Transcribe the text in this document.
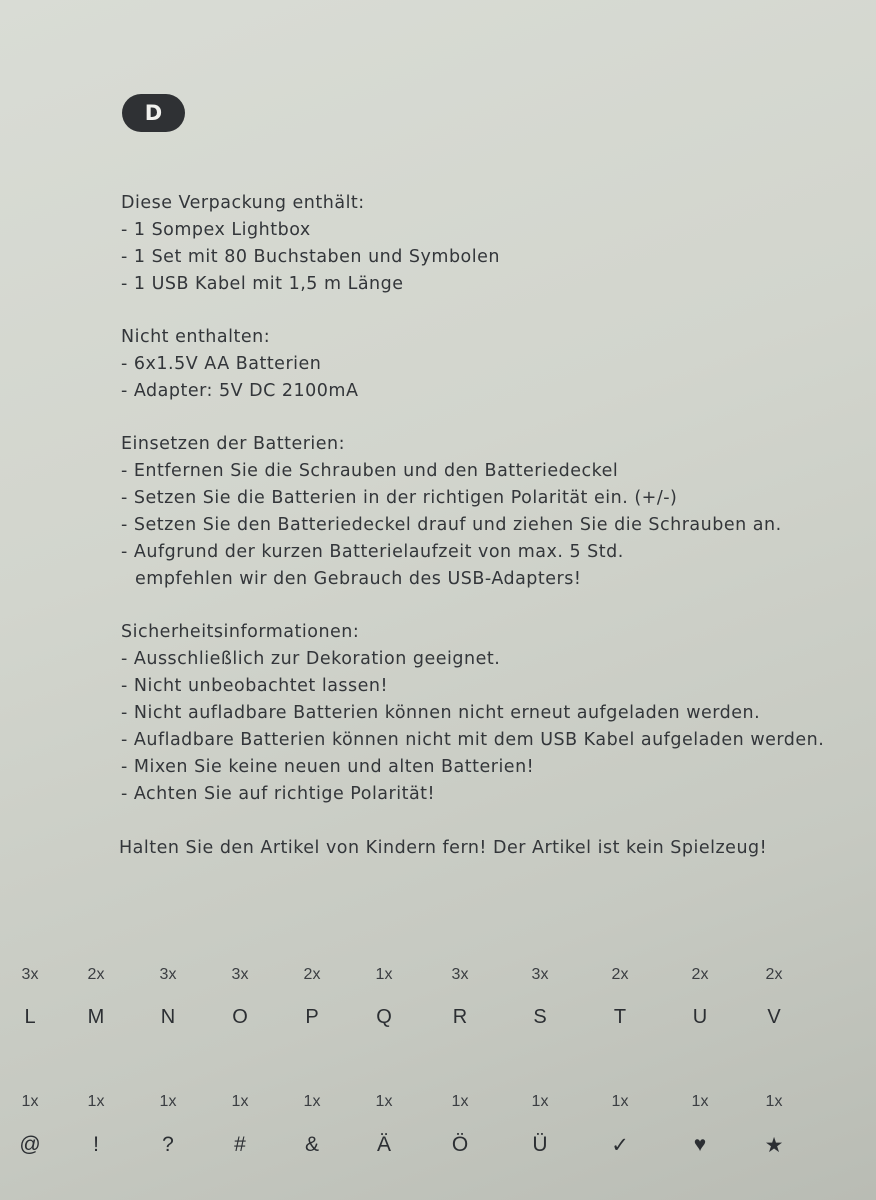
D
Diese Verpackung enthält:
- 1 Sompex Lightbox
- 1 Set mit 80 Buchstaben und Symbolen
- 1 USB Kabel mit 1,5 m Länge
Nicht enthalten:
- 6x1.5V AA Batterien
- Adapter: 5V DC 2100mA
Einsetzen der Batterien:
- Entfernen Sie die Schrauben und den Batteriedeckel
- Setzen Sie die Batterien in der richtigen Polarität ein. (+/-)
- Setzen Sie den Batteriedeckel drauf und ziehen Sie die Schrauben an.
- Aufgrund der kurzen Batterielaufzeit von max. 5 Std.
empfehlen wir den Gebrauch des USB-Adapters!
Sicherheitsinformationen:
- Ausschließlich zur Dekoration geeignet.
- Nicht unbeobachtet lassen!
- Nicht aufladbare Batterien können nicht erneut aufgeladen werden.
- Aufladbare Batterien können nicht mit dem USB Kabel aufgeladen werden.
- Mixen Sie keine neuen und alten Batterien!
- Achten Sie auf richtige Polarität!
Halten Sie den Artikel von Kindern fern! Der Artikel ist kein Spielzeug!
3x
L
2x
M
3x
N
3x
O
2x
P
1x
Q
3x
R
3x
S
2x
T
2x
U
2x
V
1x
@
1x
!
1x
?
1x
#
1x
&
1x
Ä
1x
Ö
1x
Ü
1x
✓
1x
♥
1x
★
